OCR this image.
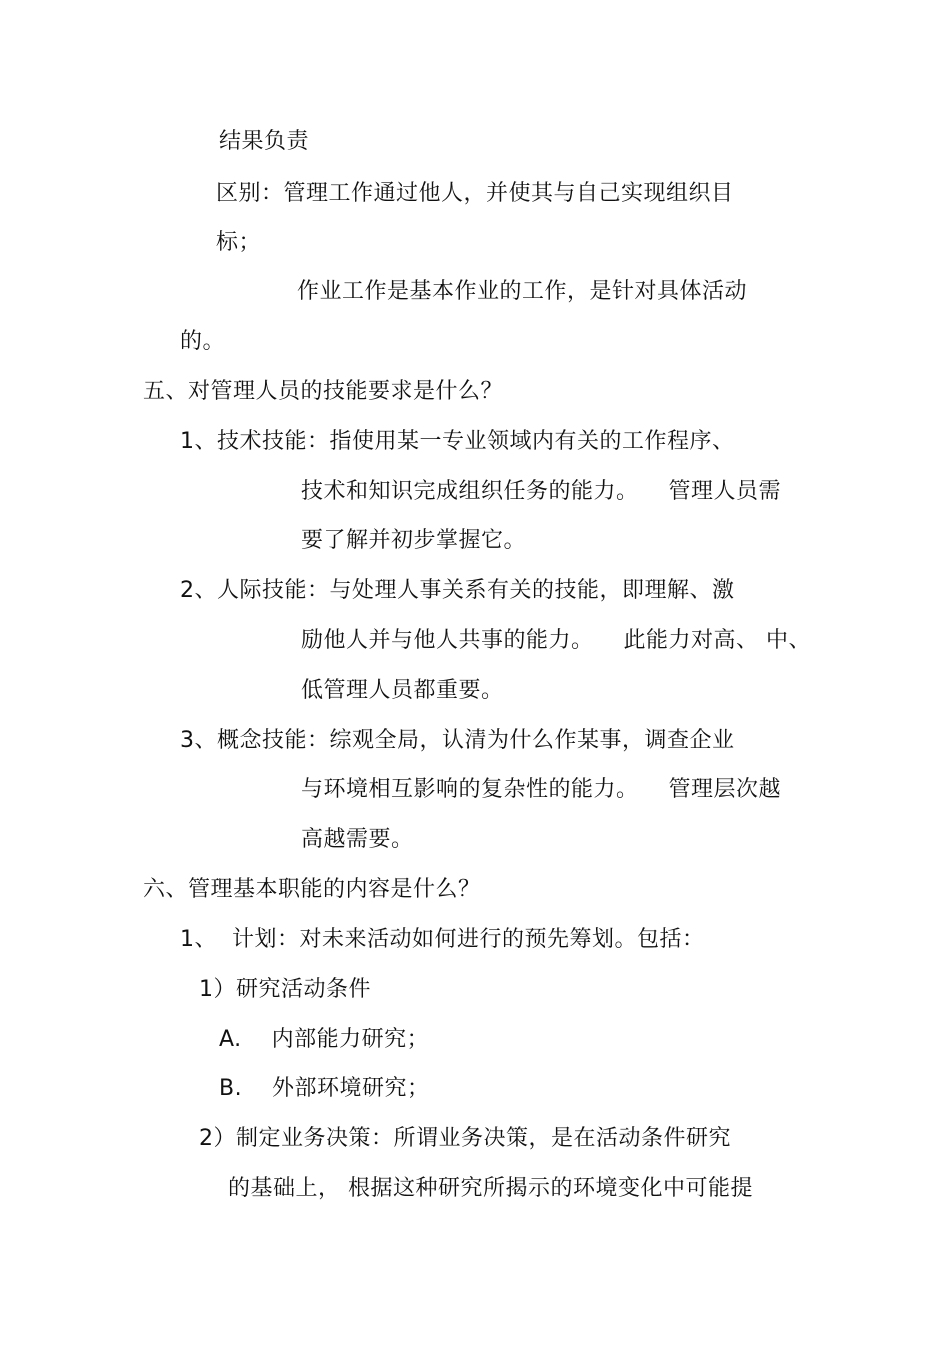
结果负责
区别：管理工作通过他人，并使其与自己实现组织目
标；
作业工作是基本作业的工作，是针对具体活动
的。
五、对管理人员的技能要求是什么？
1、技术技能：指使用某一专业领域内有关的工作程序、
技术和知识完成组织任务的能力。    管理人员需
要了解并初步掌握它。
2、人际技能：与处理人事关系有关的技能，即理解、激
励他人并与他人共事的能力。    此能力对高、 中、
低管理人员都重要。
3、概念技能：综观全局，认清为什么作某事，调查企业
与环境相互影响的复杂性的能力。    管理层次越
高越需要。
六、管理基本职能的内容是什么？
1、  计划：对未来活动如何进行的预先筹划。包括：
1）研究活动条件
A.    内部能力研究；
B.    外部环境研究；
2）制定业务决策：所谓业务决策，是在活动条件研究
的基础上， 根据这种研究所揭示的环境变化中可能提
